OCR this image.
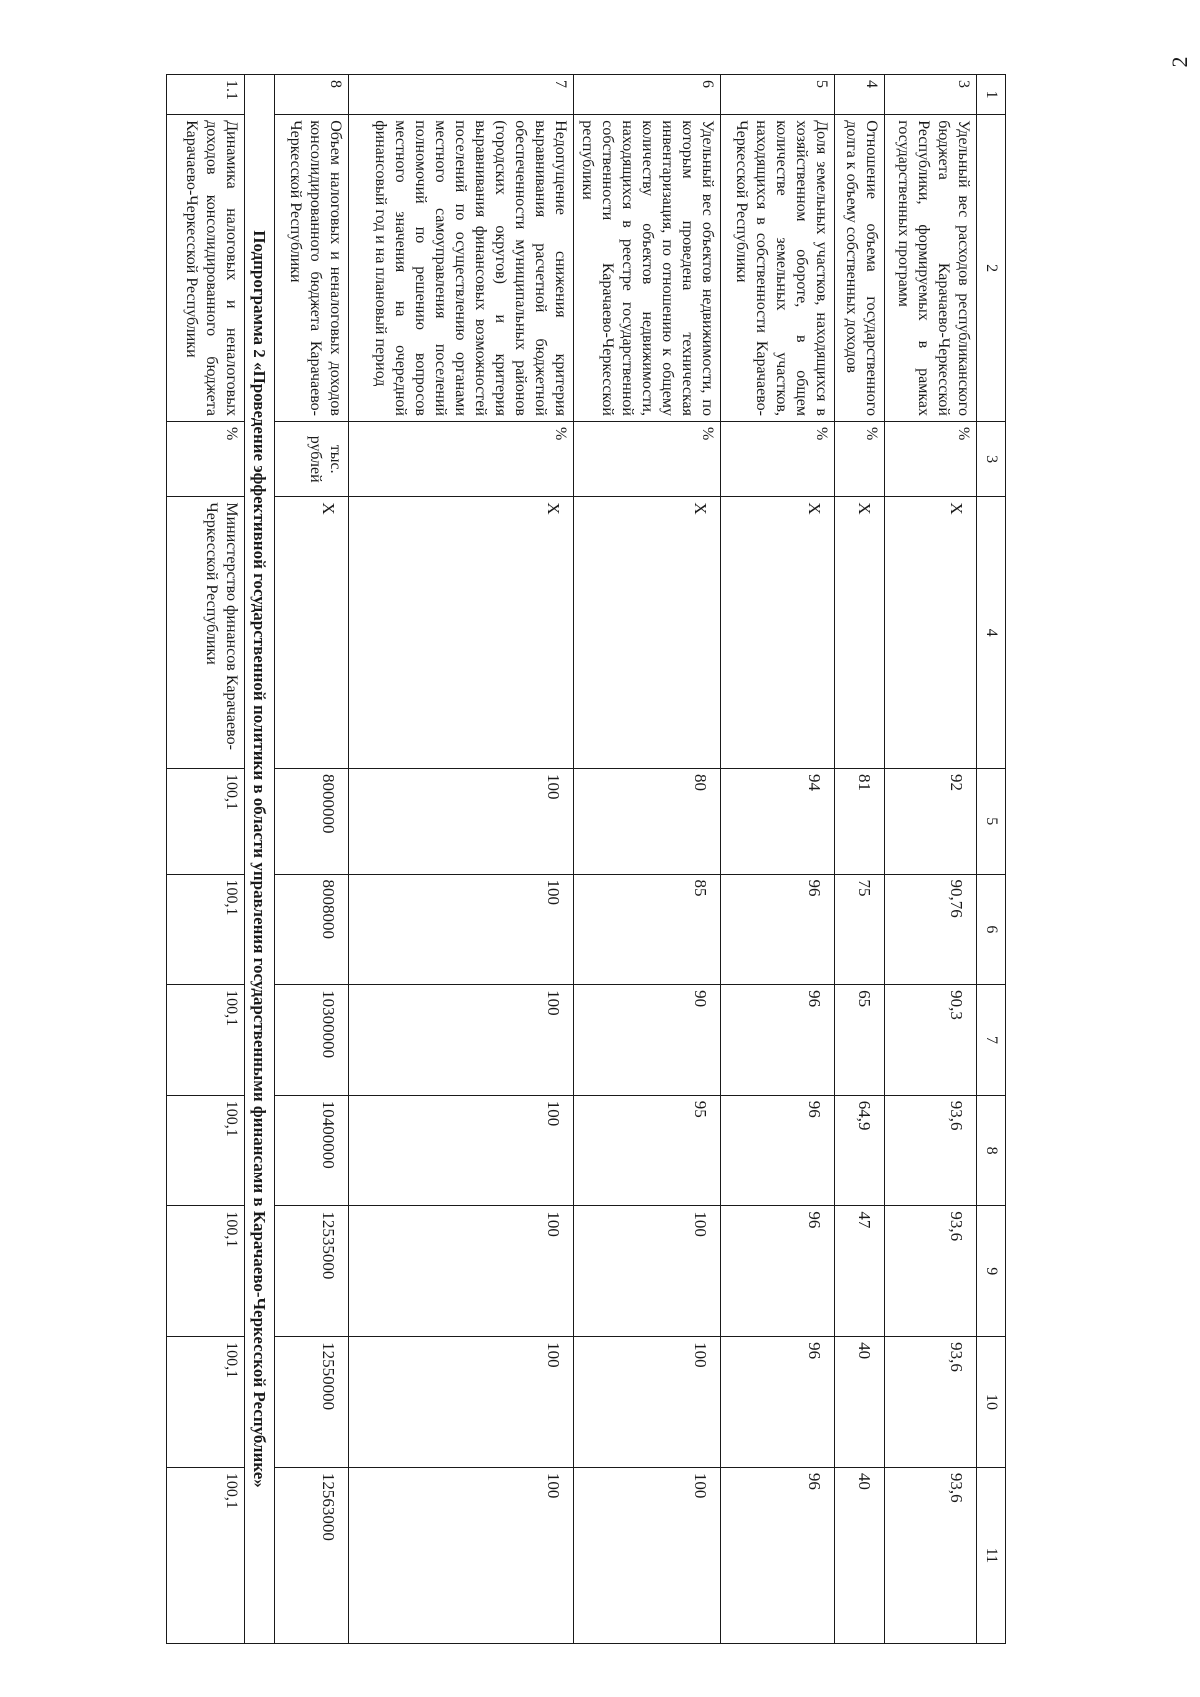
2
1	2	3	4	5	6	7	8	9	10	11
3	Удельный вес расходов республиканского бюджета Карачаево-Черкесской Республики, формируемых в рамках государственных программ	%	Х	92	90,76	90,3	93,6	93,6	93,6	93,6
4	Отношение объема государственного долга к объему собственных доходов	%	Х	81	75	65	64,9	47	40	40
5	Доля земельных участков, находящихся в хозяйственном обороте, в общем количестве земельных участков, находящихся в собственности Карачаево-Черкесской Республики	%	Х	94	96	96	96	96	96	96
6	Удельный вес объектов недвижимости, по которым проведена техническая инвентаризация, по отношению к общему количеству объектов недвижимости, находящихся в реестре государственной собственности Карачаево-Черкесской республики	%	Х	80	85	90	95	100	100	100
7	Недопущение снижения критерия выравнивания расчетной бюджетной обеспеченности муниципальных районов (городских округов) и критерия выравнивания финансовых возможностей поселений по осуществлению органами местного самоуправления поселений полномочий по решению вопросов местного значения на очередной финансовый год и на плановый период	%	Х	100	100	100	100	100	100	100
8	Объем налоговых и неналоговых доходов консолидированного бюджета Карачаево-Черкесской Республики	тыс. рублей	Х	8000000	8008000	10300000	10400000	12535000	12550000	12563000
Подпрограмма 2 «Проведение эффективной государственной политики в области управления государственными финансами в Карачаево-Черкесской Республике»										
1.1	Динамика налоговых и неналоговых доходов консолидированного бюджета Карачаево-Черкесской Республики	%	Министерство финансов Карачаево-Черкесской Республики	100,1	100,1	100,1	100,1	100,1	100,1	100,1
